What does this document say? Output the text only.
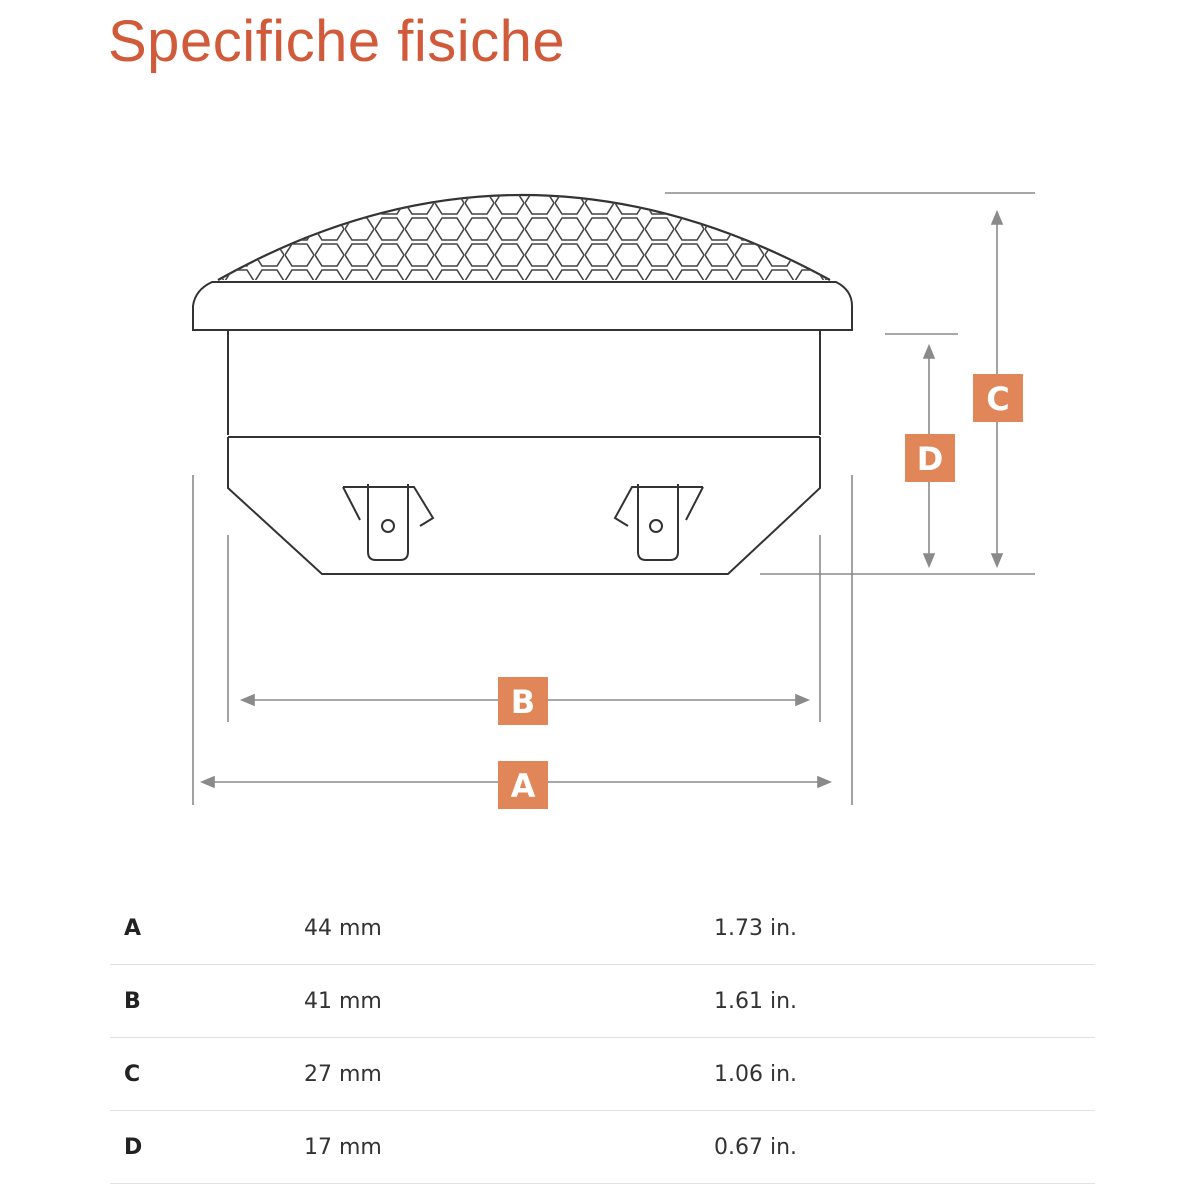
Specifiche fisiche
A
B
C
D
A	44 mm	1.73 in.
B	41 mm	1.61 in.
C	27 mm	1.06 in.
D	17 mm	0.67 in.
